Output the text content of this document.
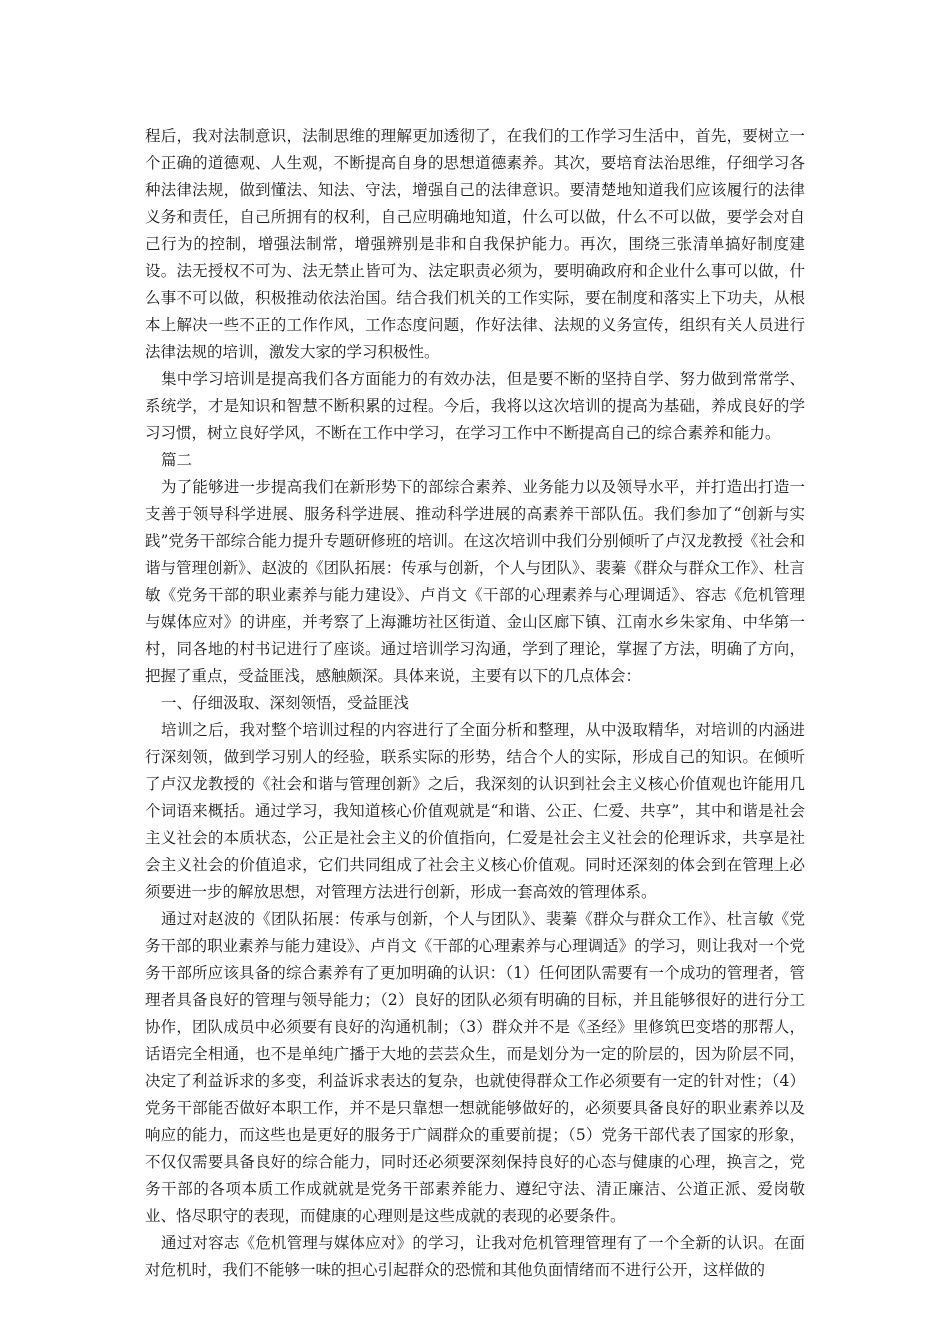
程后，我对法制意识，法制思维的理解更加透彻了，在我们的工作学习生活中，首先，要树立一个正确的道德观、人生观，不断提高自身的思想道德素养。其次，要培育法治思维，仔细学习各种法律法规，做到懂法、知法、守法，增强自己的法律意识。要清楚地知道我们应该履行的法律义务和责任，自己所拥有的权利，自己应明确地知道，什么可以做，什么不可以做，要学会对自己行为的控制，增强法制常，增强辨别是非和自我保护能力。再次，围绕三张清单搞好制度建设。法无授权不可为、法无禁止皆可为、法定职责必须为，要明确政府和企业什么事可以做，什么事不可以做，积极推动依法治国。结合我们机关的工作实际，要在制度和落实上下功夫，从根本上解决一些不正的工作作风，工作态度问题，作好法律、法规的义务宣传，组织有关人员进行法律法规的培训，激发大家的学习积极性。

集中学习培训是提高我们各方面能力的有效办法，但是要不断的坚持自学、努力做到常常学、系统学，才是知识和智慧不断积累的过程。今后，我将以这次培训的提高为基础，养成良好的学习习惯，树立良好学风，不断在工作中学习，在学习工作中不断提高自己的综合素养和能力。

篇二

为了能够进一步提高我们在新形势下的部综合素养、业务能力以及领导水平，并打造出打造一支善于领导科学进展、服务科学进展、推动科学进展的高素养干部队伍。我们参加了“创新与实践”党务干部综合能力提升专题研修班的培训。在这次培训中我们分别倾听了卢汉龙教授《社会和谐与管理创新》、赵波的《团队拓展：传承与创新，个人与团队》、裴蓁《群众与群众工作》、杜言敏《党务干部的职业素养与能力建设》、卢肖文《干部的心理素养与心理调适》、容志《危机管理与媒体应对》的讲座，并考察了上海濉坊社区街道、金山区廊下镇、江南水乡朱家角、中华第一村，同各地的村书记进行了座谈。通过培训学习沟通，学到了理论，掌握了方法，明确了方向，把握了重点，受益匪浅，感触颇深。具体来说，主要有以下的几点体会：

一、仔细汲取、深刻领悟，受益匪浅

培训之后，我对整个培训过程的内容进行了全面分析和整理，从中汲取精华，对培训的内涵进行深刻领，做到学习别人的经验，联系实际的形势，结合个人的实际，形成自己的知识。在倾听了卢汉龙教授的《社会和谐与管理创新》之后，我深刻的认识到社会主义核心价值观也许能用几个词语来概括。通过学习，我知道核心价值观就是“和谐、公正、仁爱、共享”，其中和谐是社会主义社会的本质状态，公正是社会主义的价值指向，仁爱是社会主义社会的伦理诉求，共享是社会主义社会的价值追求，它们共同组成了社会主义核心价值观。同时还深刻的体会到在管理上必须要进一步的解放思想，对管理方法进行创新，形成一套高效的管理体系。

通过对赵波的《团队拓展：传承与创新，个人与团队》、裴蓁《群众与群众工作》、杜言敏《党务干部的职业素养与能力建设》、卢肖文《干部的心理素养与心理调适》的学习，则让我对一个党务干部所应该具备的综合素养有了更加明确的认识：（1）任何团队需要有一个成功的管理者，管理者具备良好的管理与领导能力；（2）良好的团队必须有明确的目标，并且能够很好的进行分工协作，团队成员中必须要有良好的沟通机制；（3）群众并不是《圣经》里修筑巴变塔的那帮人，话语完全相通，也不是单纯广播于大地的芸芸众生，而是划分为一定的阶层的，因为阶层不同，决定了利益诉求的多变，利益诉求表达的复杂，也就使得群众工作必须要有一定的针对性；（4）党务干部能否做好本职工作，并不是只靠想一想就能够做好的，必须要具备良好的职业素养以及响应的能力，而这些也是更好的服务于广阔群众的重要前提；（5）党务干部代表了国家的形象，不仅仅需要具备良好的综合能力，同时还必须要深刻保持良好的心态与健康的心理，换言之，党务干部的各项本质工作成就就是党务干部素养能力、遵纪守法、清正廉洁、公道正派、爱岗敬业、恪尽职守的表现，而健康的心理则是这些成就的表现的必要条件。

通过对容志《危机管理与媒体应对》的学习，让我对危机管理管理有了一个全新的认识。在面对危机时，我们不能够一味的担心引起群众的恐慌和其他负面情绪而不进行公开，这样做的
